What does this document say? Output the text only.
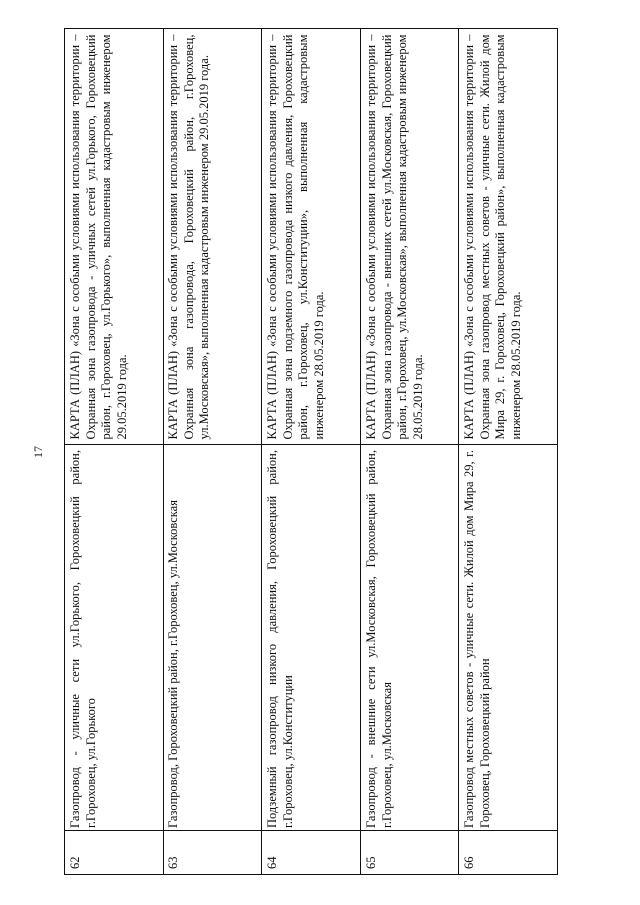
17

КАРТА (ПЛАН) «Зона с особыми условиями использования территории – Охранная зона газопровода - уличных сетей ул.Горького, Гороховецкий район, г.Гороховец, ул.Горького», выполненная кадастровым инженером 29.05.2019 года.

Газопровод - уличные сети ул.Горького, Гороховецкий район, г.Гороховец, ул.Горького

62

КАРТА (ПЛАН) «Зона с особыми условиями использования территории – Охранная зона газопровода, Гороховецкий район, г.Гороховец, ул.Московская», выполненная кадастровым инженером 29.05.2019 года.

Газопровод, Гороховецкий район, г.Гороховец, ул.Московская

63

КАРТА (ПЛАН) «Зона с особыми условиями использования территории – Охранная зона подземного газопровода низкого давления, Гороховецкий район, г.Гороховец, ул.Конституции», выполненная кадастровым инженером 28.05.2019 года.

Подземный газопровод низкого давления, Гороховецкий район, г.Гороховец, ул.Конституции

64

КАРТА (ПЛАН) «Зона с особыми условиями использования территории – Охранная зона газопровода - внешних сетей ул.Московская, Гороховецкий район, г.Гороховец, ул.Московская», выполненная кадастровым инженером 28.05.2019 года.

Газопровод - внешние сети ул.Московская, Гороховецкий район, г.Гороховец, ул.Московская

65

КАРТА (ПЛАН) «Зона с особыми условиями использования территории – Охранная зона газопровод местных советов - уличные сети. Жилой дом Мира 29, г. Гороховец, Гороховецкий район», выполненная кадастровым инженером 28.05.2019 года.

Газопровод местных советов - уличные сети. Жилой дом Мира 29, г. Гороховец, Гороховецкий район

66
